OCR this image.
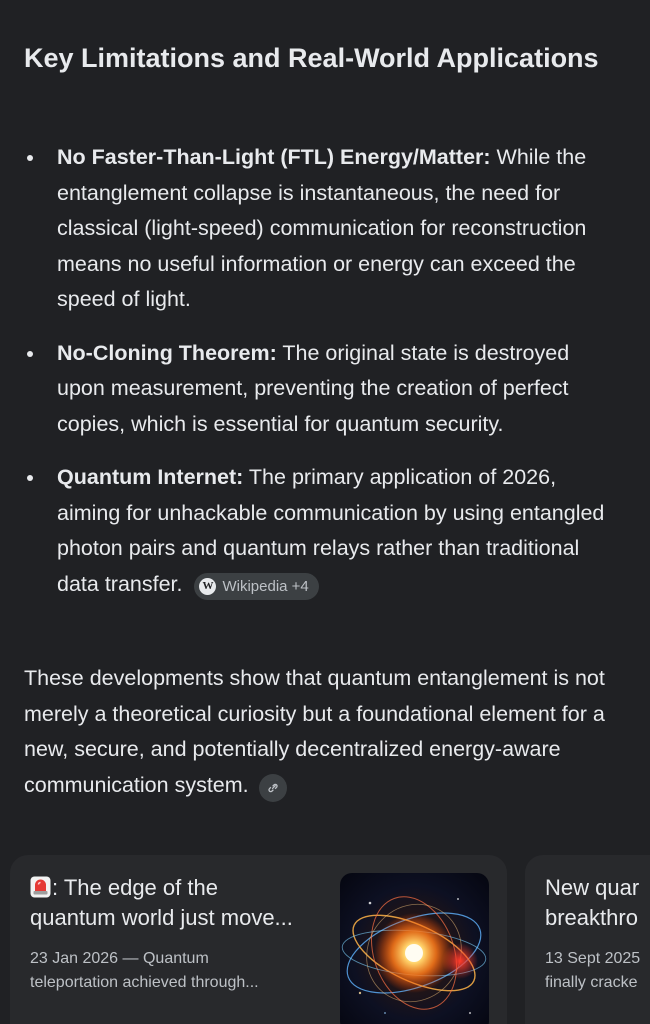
Key Limitations and Real-World Applications
No Faster-Than-Light (FTL) Energy/Matter: While the entanglement collapse is instantaneous, the need for classical (light-speed) communication for reconstruction means no useful information or energy can exceed the speed of light.
No-Cloning Theorem: The original state is destroyed upon measurement, preventing the creation of perfect copies, which is essential for quantum security.
Quantum Internet: The primary application of 2026, aiming for unhackable communication by using entangled photon pairs and quantum relays rather than traditional data transfer. W Wikipedia +4

These developments show that quantum entanglement is not merely a theoretical curiosity but a foundational element for a new, secure, and potentially decentralized energy-aware communication system.

: The edge of the
quantum world just move...

23 Jan 2026 — Quantum
teleportation achieved through...

New quar
breakthro

13 Sept 2025
finally cracke
